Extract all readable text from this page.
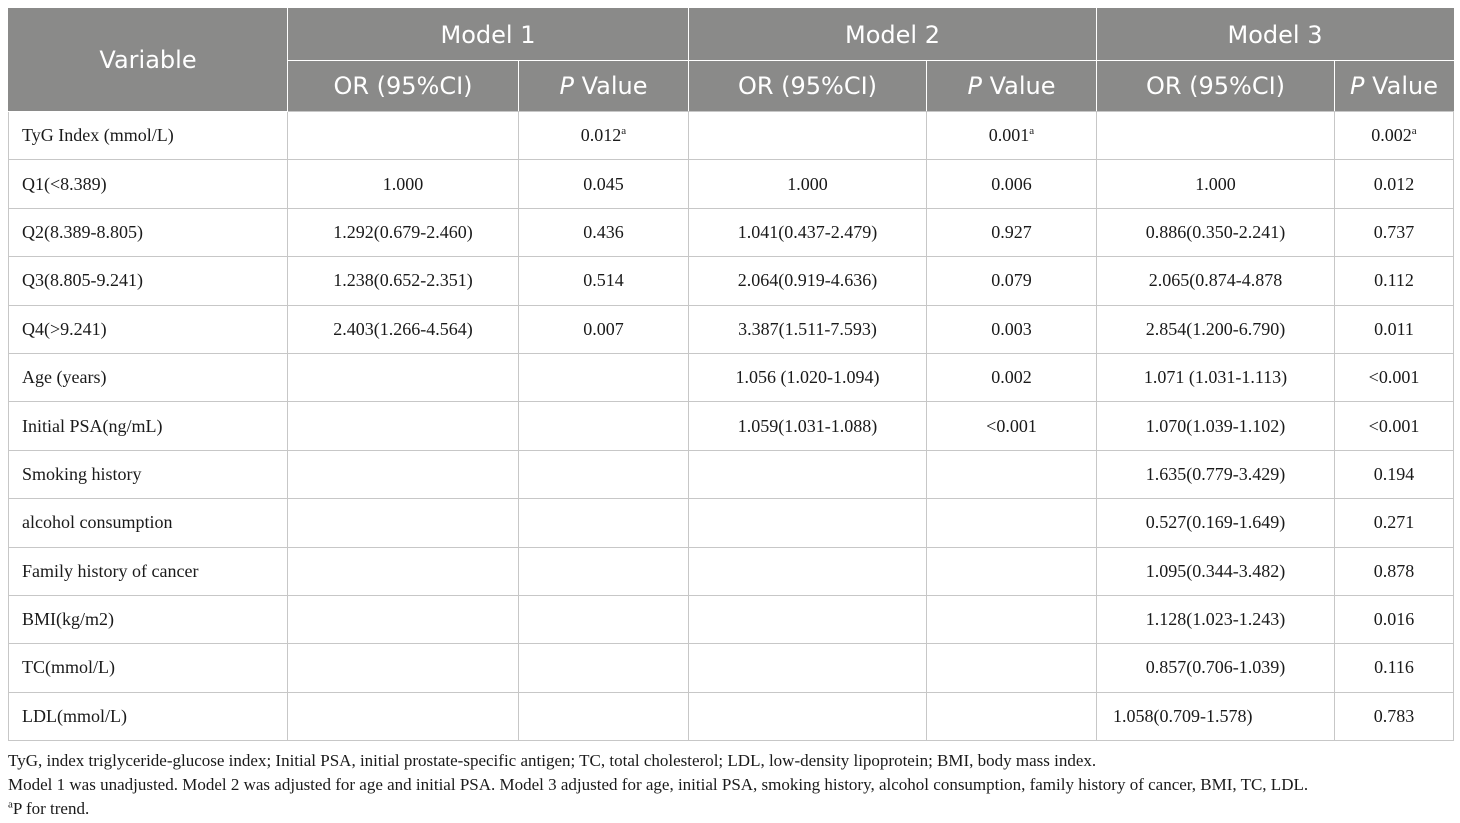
Variable	Model 1		Model 2		Model 3	
	OR (95%CI)	P Value	OR (95%CI)	P Value	OR (95%CI)	P Value
TyG Index (mmol/L)		0.012$^a$		0.001$^a$		0.002$^a$
Q1(<8.389)	1.000	0.045	1.000	0.006	1.000	0.012
Q2(8.389-8.805)	1.292(0.679-2.460)	0.436	1.041(0.437-2.479)	0.927	0.886(0.350-2.241)	0.737
Q3(8.805-9.241)	1.238(0.652-2.351)	0.514	2.064(0.919-4.636)	0.079	2.065(0.874-4.878	0.112
Q4(>9.241)	2.403(1.266-4.564)	0.007	3.387(1.511-7.593)	0.003	2.854(1.200-6.790)	0.011
Age (years)			1.056 (1.020-1.094)	0.002	1.071 (1.031-1.113)	<0.001
Initial PSA(ng/mL)			1.059(1.031-1.088)	<0.001	1.070(1.039-1.102)	<0.001
Smoking history					1.635(0.779-3.429)	0.194
alcohol consumption					0.527(0.169-1.649)	0.271
Family history of cancer					1.095(0.344-3.482)	0.878
BMI(kg/m2)					1.128(1.023-1.243)	0.016
TC(mmol/L)					0.857(0.706-1.039)	0.116
LDL(mmol/L)					1.058(0.709-1.578)	0.783
TyG, index triglyceride-glucose index; Initial PSA, initial prostate-specific antigen; TC, total cholesterol; LDL, low-density lipoprotein; BMI, body mass index.
Model 1 was unadjusted. Model 2 was adjusted for age and initial PSA. Model 3 adjusted for age, initial PSA, smoking history, alcohol consumption, family history of cancer, BMI, TC, LDL.
$^a$P for trend.
